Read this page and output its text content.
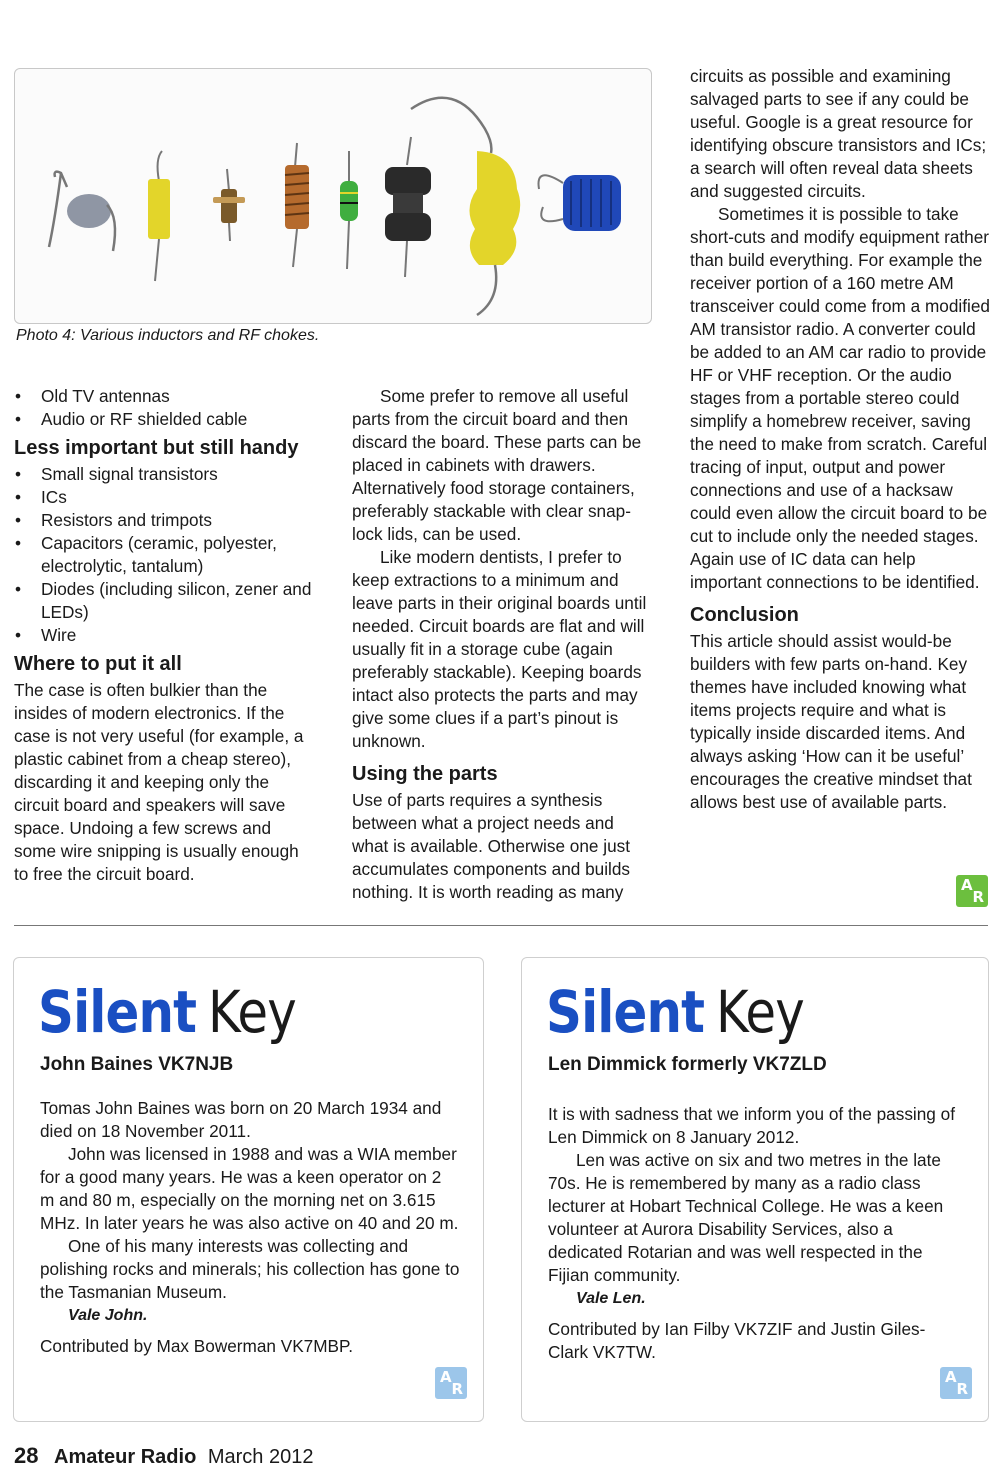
Photo 4: Various inductors and RF chokes.
• Old TV antennas
• Audio or RF shielded cable
Less important but still handy
• Small signal transistors
• ICs
• Resistors and trimpots
• Capacitors (ceramic, polyester, electrolytic, tantalum)
• Diodes (including silicon, zener and LEDs)
• Wire
Where to put it all

The case is often bulkier than the insides of modern electronics. If the case is not very useful (for example, a plastic cabinet from a cheap stereo), discarding it and keeping only the circuit board and speakers will save space. Undoing a few screws and some wire snipping is usually enough to free the circuit board.

Some prefer to remove all useful parts from the circuit board and then discard the board. These parts can be placed in cabinets with drawers. Alternatively food storage containers, preferably stackable with clear snap-lock lids, can be used.

Like modern dentists, I prefer to keep extractions to a minimum and leave parts in their original boards until needed. Circuit boards are flat and will usually fit in a storage cube (again preferably stackable). Keeping boards intact also protects the parts and may give some clues if a part’s pinout is unknown.

Using the parts

Use of parts requires a synthesis between what a project needs and what is available. Otherwise one just accumulates components and builds nothing. It is worth reading as many

circuits as possible and examining salvaged parts to see if any could be useful. Google is a great resource for identifying obscure transistors and ICs; a search will often reveal data sheets and suggested circuits.

Sometimes it is possible to take short-cuts and modify equipment rather than build everything. For example the receiver portion of a 160 metre AM transceiver could come from a modified AM transistor radio. A converter could be added to an AM car radio to provide HF or VHF reception. Or the audio stages from a portable stereo could simplify a homebrew receiver, saving the need to make from scratch. Careful tracing of input, output and power connections and use of a hacksaw could even allow the circuit board to be cut to include only the needed stages. Again use of IC data can help important connections to be identified.

Conclusion

This article should assist would-be builders with few parts on-hand. Key themes have included knowing what items projects require and what is typically inside discarded items. And always asking ‘How can it be useful’ encourages the creative mindset that allows best use of available parts.

A
R
Silent Key
John Baines VK7NJB

Tomas John Baines was born on 20 March 1934 and died on 18 November 2011.

John was licensed in 1988 and was a WIA member for a good many years. He was a keen operator on 2 m and 80 m, especially on the morning net on 3.615 MHz. In later years he was also active on 40 and 20 m.

One of his many interests was collecting and polishing rocks and minerals; his collection has gone to the Tasmanian Museum.

Vale John.

Contributed by Max Bowerman VK7MBP.

A
R
Silent Key
Len Dimmick formerly VK7ZLD

It is with sadness that we inform you of the passing of Len Dimmick on 8 January 2012.

Len was active on six and two metres in the late 70s. He is remembered by many as a radio class lecturer at Hobart Technical College. He was a keen volunteer at Aurora Disability Services, also a dedicated Rotarian and was well respected in the Fijian community.

Vale Len.

Contributed by Ian Filby VK7ZIF and Justin Giles-Clark VK7TW.

A
R
28 Amateur Radio March 2012
